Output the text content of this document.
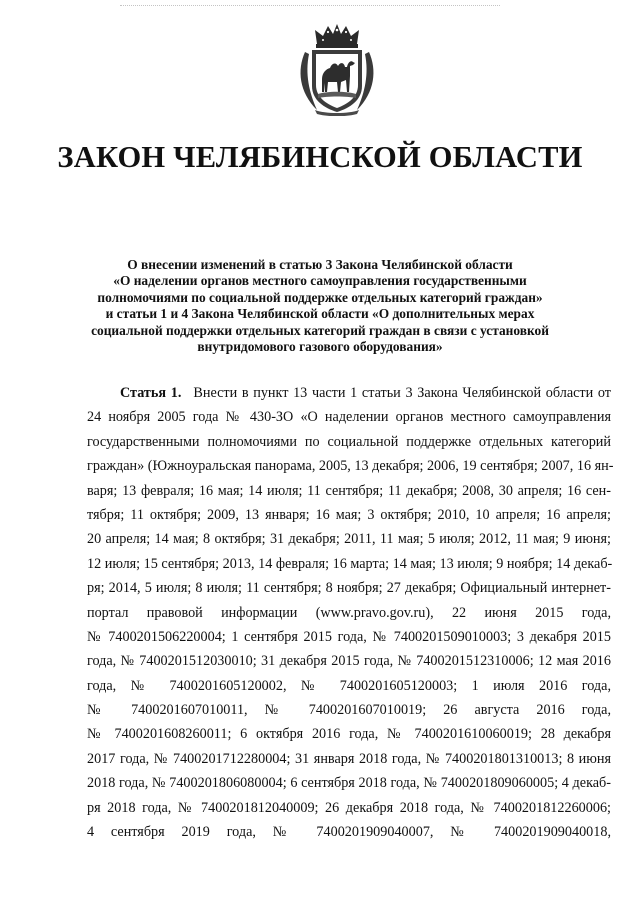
ЗАКОН ЧЕЛЯБИНСКОЙ ОБЛАСТИ
О внесении изменений в статью 3 Закона Челябинской области
«О наделении органов местного самоуправления государственными
полномочиями по социальной поддержке отдельных категорий граждан»
и статьи 1 и 4 Закона Челябинской области «О дополнительных мерах
социальной поддержки отдельных категорий граждан в связи с установкой
внутридомового газового оборудования»
Статья 1. Внести в пункт 13 части 1 статьи 3 Закона Челябинской области от
24 ноября 2005 года № 430-ЗО «О наделении органов местного самоуправления
государственными полномочиями по социальной поддержке отдельных категорий
граждан» (Южноуральская панорама, 2005, 13 декабря; 2006, 19 сентября; 2007, 16 ян-
варя; 13 февраля; 16 мая; 14 июля; 11 сентября; 11 декабря; 2008, 30 апреля; 16 сен-
тября; 11 октября; 2009, 13 января; 16 мая; 3 октября; 2010, 10 апреля; 16 апреля;
20 апреля; 14 мая; 8 октября; 31 декабря; 2011, 11 мая; 5 июля; 2012, 11 мая; 9 июня;
12 июля; 15 сентября; 2013, 14 февраля; 16 марта; 14 мая; 13 июля; 9 ноября; 14 декаб-
ря; 2014, 5 июля; 8 июля; 11 сентября; 8 ноября; 27 декабря; Официальный интернет-
портал правовой информации (www.pravo.gov.ru), 22 июня 2015 года,
№ 7400201506220004; 1 сентября 2015 года, № 7400201509010003; 3 декабря 2015
года, № 7400201512030010; 31 декабря 2015 года, № 7400201512310006; 12 мая 2016
года, № 7400201605120002, № 7400201605120003; 1 июля 2016 года,
№ 7400201607010011, № 7400201607010019; 26 августа 2016 года,
№ 7400201608260011; 6 октября 2016 года, № 7400201610060019; 28 декабря
2017 года, № 7400201712280004; 31 января 2018 года, № 7400201801310013; 8 июня
2018 года, № 7400201806080004; 6 сентября 2018 года, № 7400201809060005; 4 декаб-
ря 2018 года, № 7400201812040009; 26 декабря 2018 года, № 7400201812260006;
4 сентября 2019 года, № 7400201909040007, № 7400201909040018,
